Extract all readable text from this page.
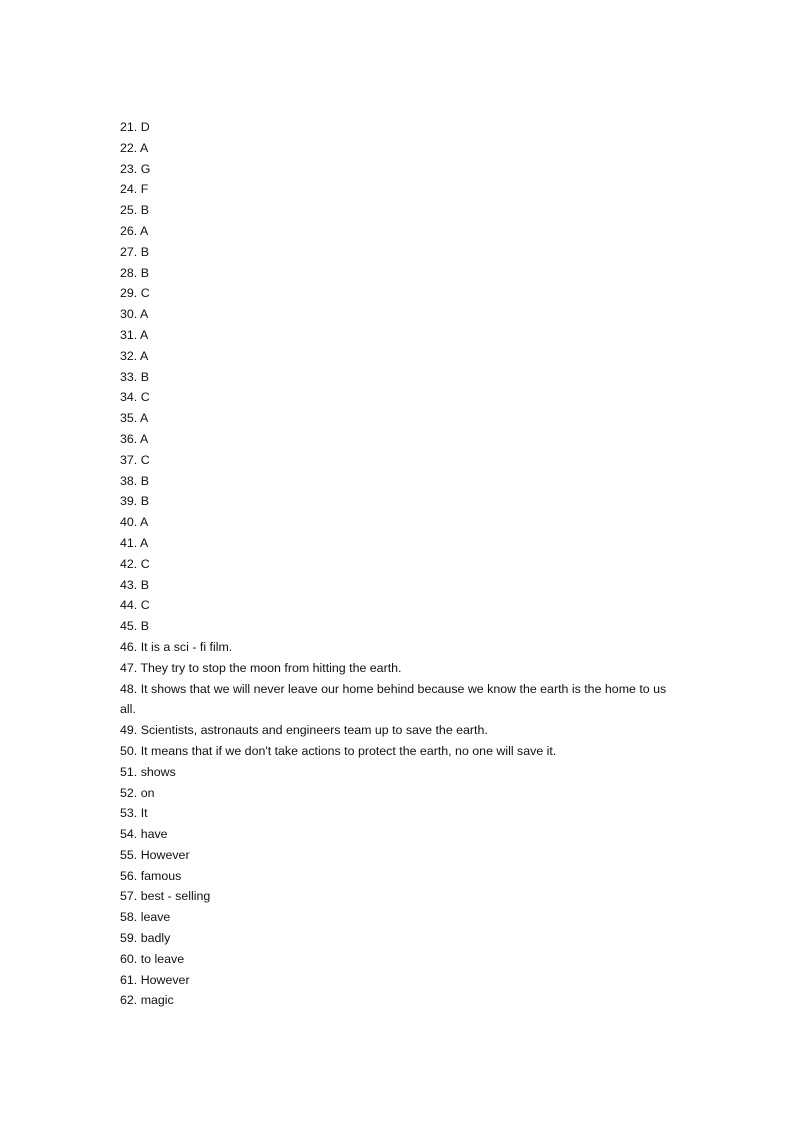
21. D
22. A
23. G
24. F
25. B
26. A
27. B
28. B
29. C
30. A
31. A
32. A
33. B
34. C
35. A
36. A
37. C
38. B
39. B
40. A
41. A
42. C
43. B
44. C
45. B
46. It is a sci - fi film.
47. They try to stop the moon from hitting the earth.
48. It shows that we will never leave our home behind because we know the earth is the home to us all.
49. Scientists, astronauts and engineers team up to save the earth.
50. It means that if we don't take actions to protect the earth, no one will save it.
51. shows
52. on
53. It
54. have
55. However
56. famous
57. best - selling
58. leave
59. badly
60. to leave
61. However
62. magic
